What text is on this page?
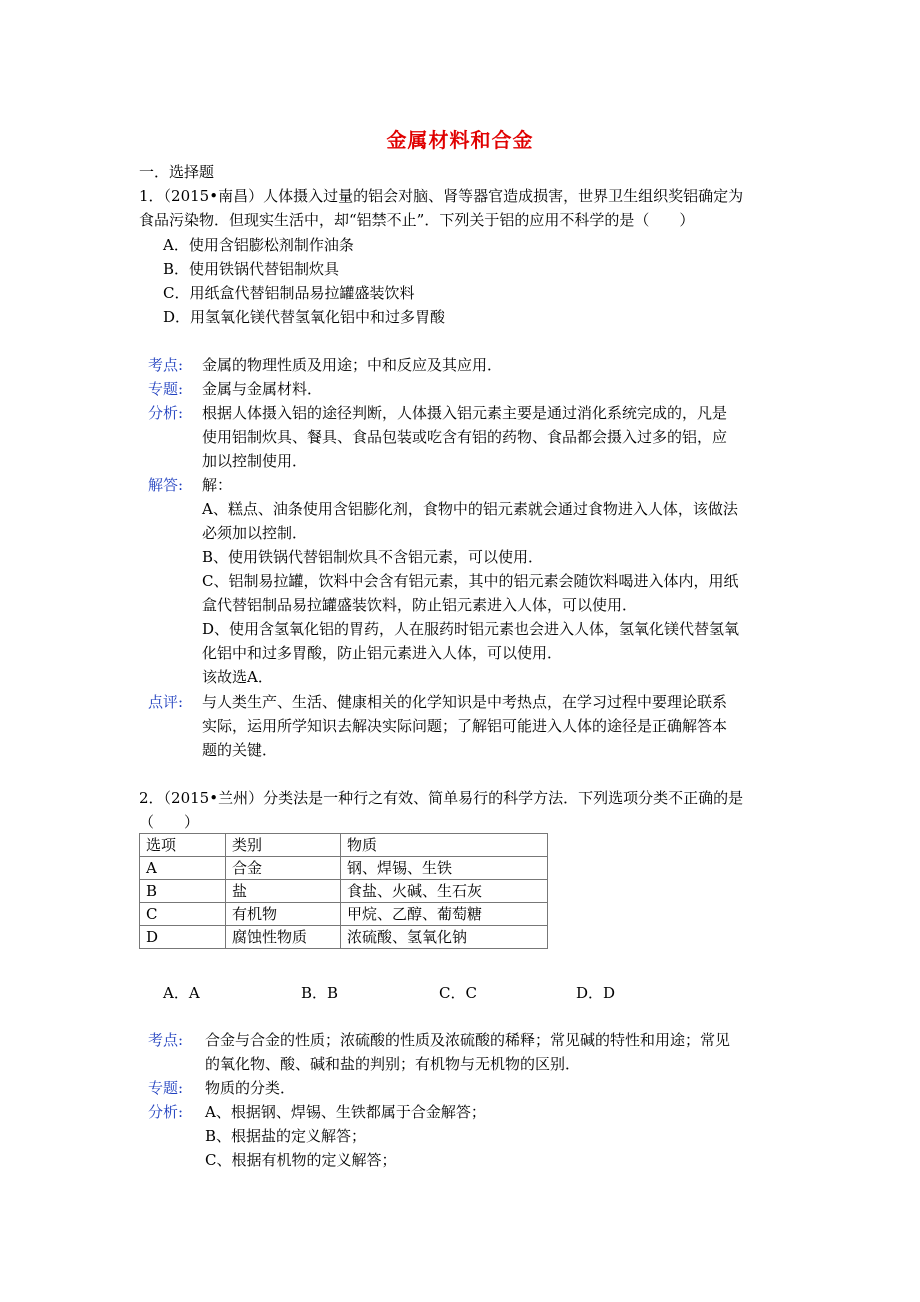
金属材料和合金
一．选择题
1．（2015•南昌）人体摄入过量的铝会对脑、肾等器官造成损害，世界卫生组织奖铝确定为
食品污染物．但现实生活中，却“铝禁不止”．下列关于铝的应用不科学的是（　　）
A．使用含铝膨松剂制作油条
B．使用铁锅代替铝制炊具
C．用纸盒代替铝制品易拉罐盛装饮料
D．用氢氧化镁代替氢氧化铝中和过多胃酸
考点: 金属的物理性质及用途；中和反应及其应用．
专题: 金属与金属材料．
分析: 根据人体摄入铝的途径判断，人体摄入铝元素主要是通过消化系统完成的，凡是
使用铝制炊具、餐具、食品包装或吃含有铝的药物、食品都会摄入过多的铝，应
加以控制使用．
解答: 解：
A、糕点、油条使用含铝膨化剂，食物中的铝元素就会通过食物进入人体，该做法
必须加以控制．
B、使用铁锅代替铝制炊具不含铝元素，可以使用．
C、铝制易拉罐，饮料中会含有铝元素，其中的铝元素会随饮料喝进入体内，用纸
盒代替铝制品易拉罐盛装饮料，防止铝元素进入人体，可以使用．
D、使用含氢氧化铝的胃药，人在服药时铝元素也会进入人体，氢氧化镁代替氢氧
化铝中和过多胃酸，防止铝元素进入人体，可以使用．
该故选A．
点评: 与人类生产、生活、健康相关的化学知识是中考热点，在学习过程中要理论联系
实际，运用所学知识去解决实际问题；了解铝可能进入人体的途径是正确解答本
题的关键．
2．（2015•兰州）分类法是一种行之有效、简单易行的科学方法．下列选项分类不正确的是
（　　）
选项	类别	物质
A	合金	钢、焊锡、生铁
B	盐	食盐、火碱、生石灰
C	有机物	甲烷、乙醇、葡萄糖
D	腐蚀性物质	浓硫酸、氢氧化钠
A．A	B．B	C．C	D．D
考点: 合金与合金的性质；浓硫酸的性质及浓硫酸的稀释；常见碱的特性和用途；常见
的氧化物、酸、碱和盐的判别；有机物与无机物的区别．
专题: 物质的分类．
分析: A、根据钢、焊锡、生铁都属于合金解答；
B、根据盐的定义解答；
C、根据有机物的定义解答；
